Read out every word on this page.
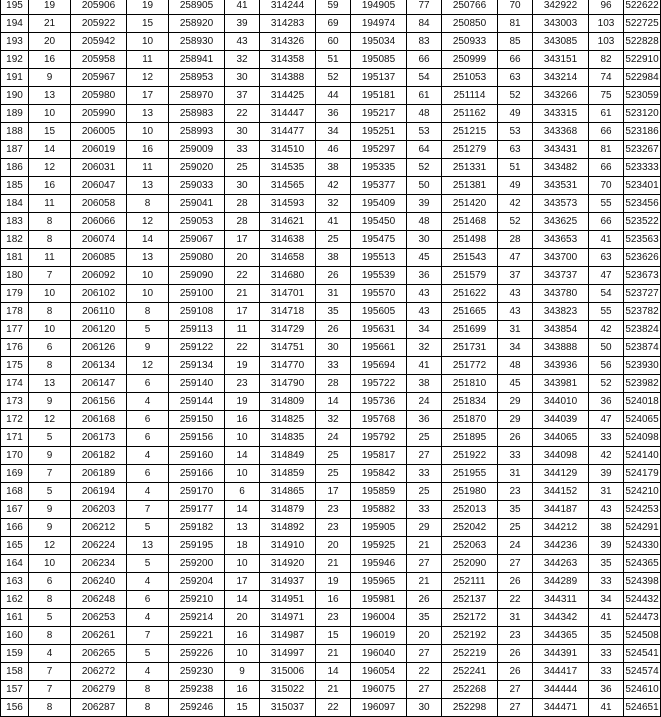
195	19	205906	19	258905	41	314244	59	194905	77	250766	70	342922	96	522622
194	21	205922	15	258920	39	314283	69	194974	84	250850	81	343003	103	522725
193	20	205942	10	258930	43	314326	60	195034	83	250933	85	343085	103	522828
192	16	205958	11	258941	32	314358	51	195085	66	250999	66	343151	82	522910
191	9	205967	12	258953	30	314388	52	195137	54	251053	63	343214	74	522984
190	13	205980	17	258970	37	314425	44	195181	61	251114	52	343266	75	523059
189	10	205990	13	258983	22	314447	36	195217	48	251162	49	343315	61	523120
188	15	206005	10	258993	30	314477	34	195251	53	251215	53	343368	66	523186
187	14	206019	16	259009	33	314510	46	195297	64	251279	63	343431	81	523267
186	12	206031	11	259020	25	314535	38	195335	52	251331	51	343482	66	523333
185	16	206047	13	259033	30	314565	42	195377	50	251381	49	343531	70	523401
184	11	206058	8	259041	28	314593	32	195409	39	251420	42	343573	55	523456
183	8	206066	12	259053	28	314621	41	195450	48	251468	52	343625	66	523522
182	8	206074	14	259067	17	314638	25	195475	30	251498	28	343653	41	523563
181	11	206085	13	259080	20	314658	38	195513	45	251543	47	343700	63	523626
180	7	206092	10	259090	22	314680	26	195539	36	251579	37	343737	47	523673
179	10	206102	10	259100	21	314701	31	195570	43	251622	43	343780	54	523727
178	8	206110	8	259108	17	314718	35	195605	43	251665	43	343823	55	523782
177	10	206120	5	259113	11	314729	26	195631	34	251699	31	343854	42	523824
176	6	206126	9	259122	22	314751	30	195661	32	251731	34	343888	50	523874
175	8	206134	12	259134	19	314770	33	195694	41	251772	48	343936	56	523930
174	13	206147	6	259140	23	314790	28	195722	38	251810	45	343981	52	523982
173	9	206156	4	259144	19	314809	14	195736	24	251834	29	344010	36	524018
172	12	206168	6	259150	16	314825	32	195768	36	251870	29	344039	47	524065
171	5	206173	6	259156	10	314835	24	195792	25	251895	26	344065	33	524098
170	9	206182	4	259160	14	314849	25	195817	27	251922	33	344098	42	524140
169	7	206189	6	259166	10	314859	25	195842	33	251955	31	344129	39	524179
168	5	206194	4	259170	6	314865	17	195859	25	251980	23	344152	31	524210
167	9	206203	7	259177	14	314879	23	195882	33	252013	35	344187	43	524253
166	9	206212	5	259182	13	314892	23	195905	29	252042	25	344212	38	524291
165	12	206224	13	259195	18	314910	20	195925	21	252063	24	344236	39	524330
164	10	206234	5	259200	10	314920	21	195946	27	252090	27	344263	35	524365
163	6	206240	4	259204	17	314937	19	195965	21	252111	26	344289	33	524398
162	8	206248	6	259210	14	314951	16	195981	26	252137	22	344311	34	524432
161	5	206253	4	259214	20	314971	23	196004	35	252172	31	344342	41	524473
160	8	206261	7	259221	16	314987	15	196019	20	252192	23	344365	35	524508
159	4	206265	5	259226	10	314997	21	196040	27	252219	26	344391	33	524541
158	7	206272	4	259230	9	315006	14	196054	22	252241	26	344417	33	524574
157	7	206279	8	259238	16	315022	21	196075	27	252268	27	344444	36	524610
156	8	206287	8	259246	15	315037	22	196097	30	252298	27	344471	41	524651
